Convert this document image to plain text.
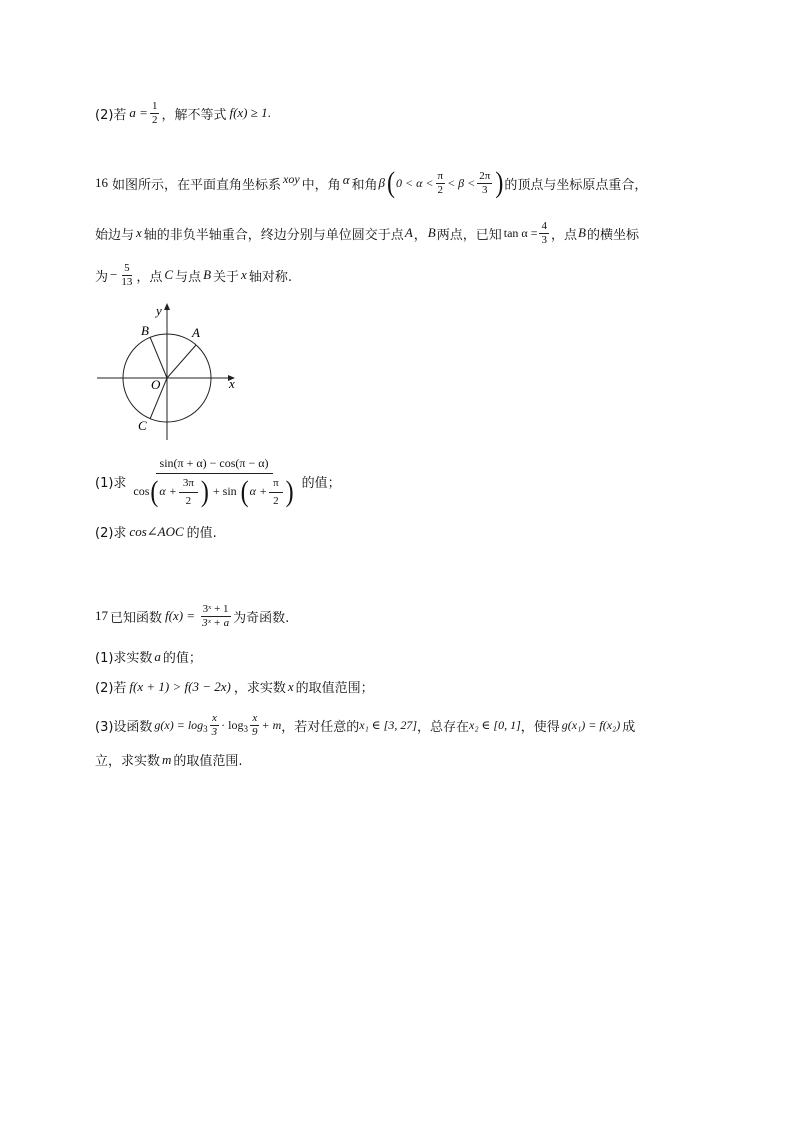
(2)若 $a = \frac{1}{2}$ ，解不等式 f(x) ≥ 1 .
16 如图所示，在平面直角坐标系 xoy 中，角 α 和角 β ( $0 < \alpha < \frac{\pi}{2} < \beta < \frac{2\pi}{3}$ ) 的顶点与坐标原点重合，
始边与 x 轴的非负半轴重合，终边分别与单位圆交于点 A ， B 两点，已知 $\tan \alpha = \frac{4}{3}$ ，点 B 的横坐标
为 − $\frac{5}{13}$ ，点 C 与点 B 关于 x 轴对称.
y
A
B
O	x
C
(1)求
sin(π + α) − cos(π − α)
cos ( $\alpha + \frac{3\pi}{2}$ ) + sin ( $\alpha + \frac{\pi}{2}$ ) 的值；
(2)求 cos∠AOC 的值.
17 已知函数 $f(x) = \frac{\text{3ˣ + 1}}{\text{3ˣ + a}}$ 为奇函数.
(1)求实数 a 的值；
(2)若 f(x + 1) > f(3 − 2x) ，求实数 x 的取值范围；
(3)设函数 $g(x) = \log 3 \frac{x}{3} \cdot \log 3 \frac{x}{9} + m$ ，若对任意的 x₁ ∈ [3, 27] ，总存在 x₂ ∈ [0, 1] ，使得 g(x₁) = f(x₂) 成
立，求实数 m 的取值范围.
